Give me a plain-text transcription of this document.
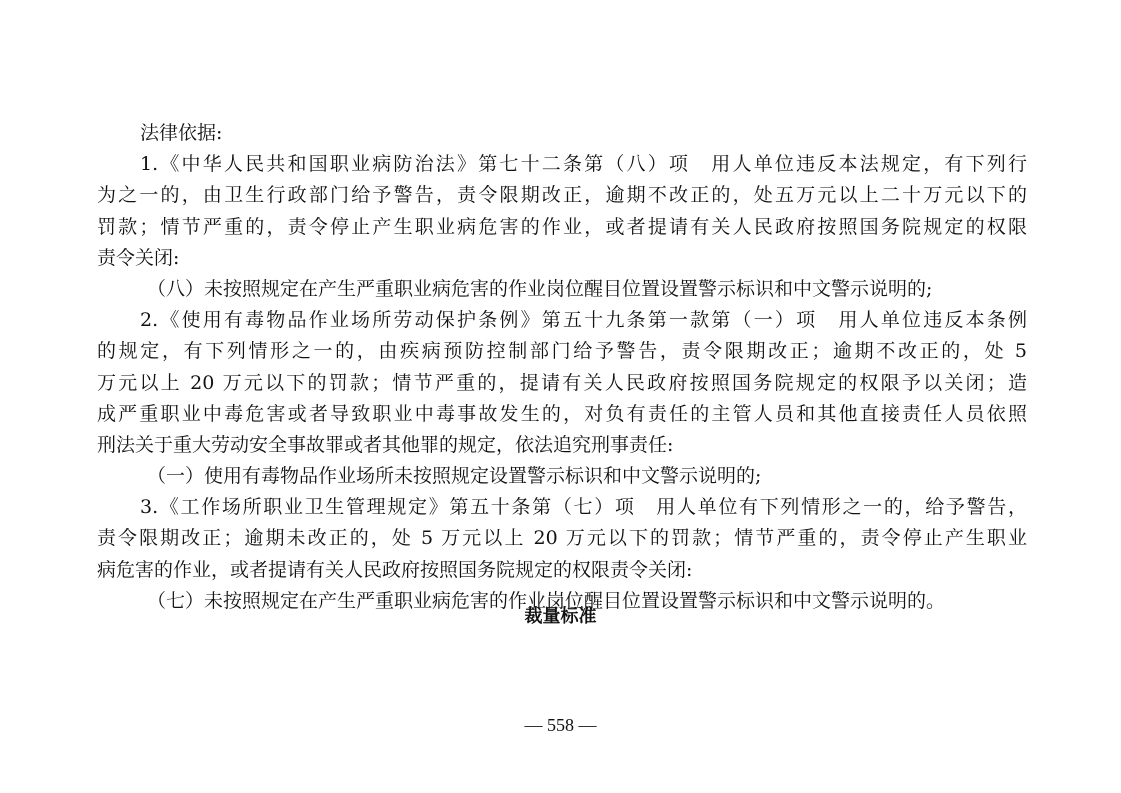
法律依据:
1.《中华人民共和国职业病防治法》第七十二条第（八）项　用人单位违反本法规定，有下列行
为之一的，由卫生行政部门给予警告，责令限期改正，逾期不改正的，处五万元以上二十万元以下的
罚款；情节严重的，责令停止产生职业病危害的作业，或者提请有关人民政府按照国务院规定的权限
责令关闭:
（八）未按照规定在产生严重职业病危害的作业岗位醒目位置设置警示标识和中文警示说明的;
2.《使用有毒物品作业场所劳动保护条例》第五十九条第一款第（一）项　用人单位违反本条例
的规定，有下列情形之一的，由疾病预防控制部门给予警告，责令限期改正；逾期不改正的，处 5
万元以上 20 万元以下的罚款；情节严重的，提请有关人民政府按照国务院规定的权限予以关闭；造
成严重职业中毒危害或者导致职业中毒事故发生的，对负有责任的主管人员和其他直接责任人员依照
刑法关于重大劳动安全事故罪或者其他罪的规定，依法追究刑事责任:
（一）使用有毒物品作业场所未按照规定设置警示标识和中文警示说明的;
3.《工作场所职业卫生管理规定》第五十条第（七）项　用人单位有下列情形之一的，给予警告，
责令限期改正；逾期未改正的，处 5 万元以上 20 万元以下的罚款；情节严重的，责令停止产生职业
病危害的作业，或者提请有关人民政府按照国务院规定的权限责令关闭:
（七）未按照规定在产生严重职业病危害的作业岗位醒目位置设置警示标识和中文警示说明的。
裁量标准
— 558 —
